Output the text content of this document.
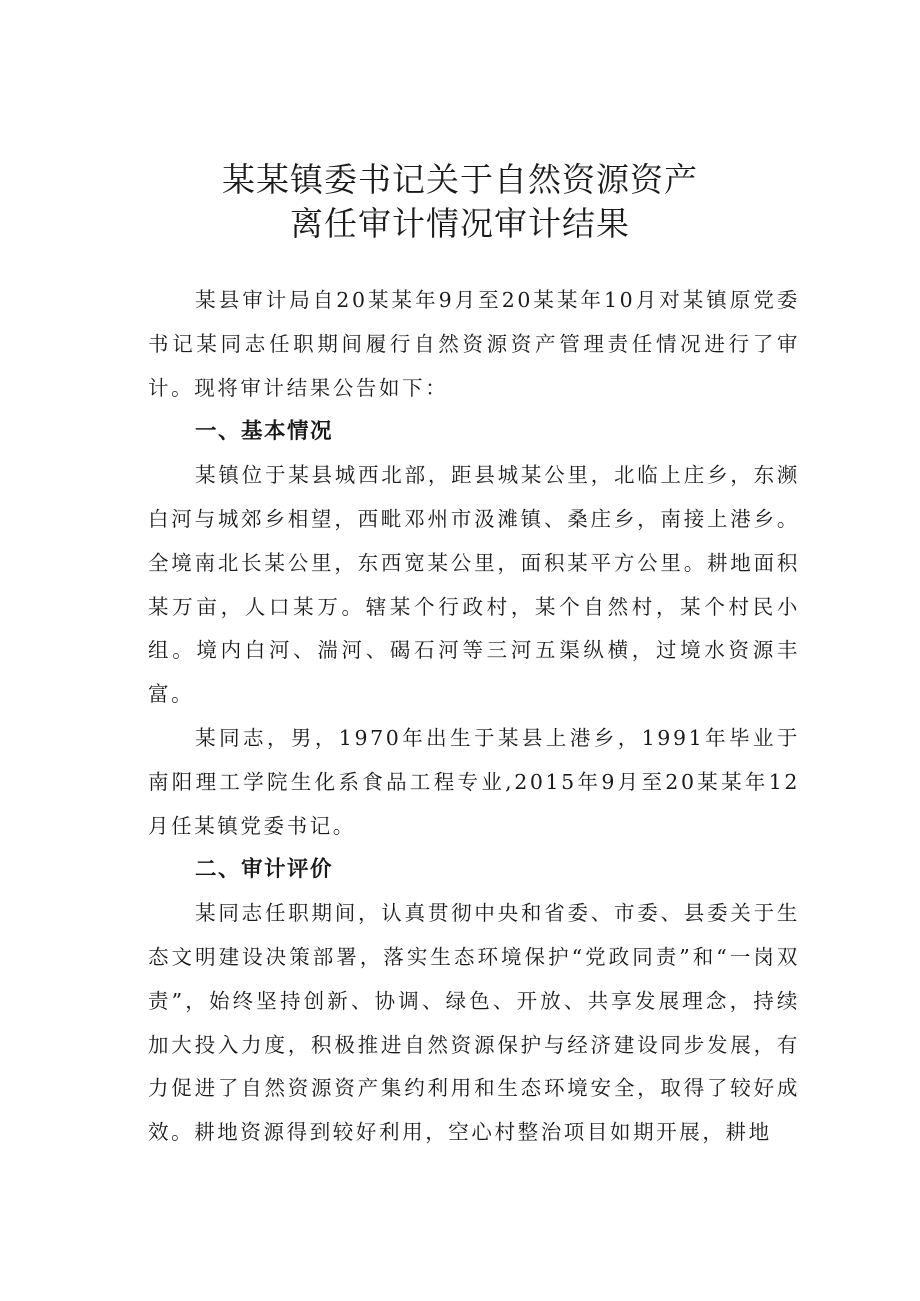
某某镇委书记关于自然资源资产
离任审计情况审计结果

某县审计局自20某某年9月至20某某年10月对某镇原党委书记某同志任职期间履行自然资源资产管理责任情况进行了审计。现将审计结果公告如下：

一、基本情况

某镇位于某县城西北部，距县城某公里，北临上庄乡，东濒白河与城郊乡相望，西毗邓州市汲滩镇、桑庄乡，南接上港乡。全境南北长某公里，东西宽某公里，面积某平方公里。耕地面积某万亩，人口某万。辖某个行政村，某个自然村，某个村民小组。境内白河、湍河、碣石河等三河五渠纵横，过境水资源丰富。

某同志，男，1970年出生于某县上港乡，1991年毕业于南阳理工学院生化系食品工程专业,2015年9月至20某某年12月任某镇党委书记。

二、审计评价

某同志任职期间，认真贯彻中央和省委、市委、县委关于生态文明建设决策部署，落实生态环境保护“党政同责”和“一岗双责”，始终坚持创新、协调、绿色、开放、共享发展理念，持续加大投入力度，积极推进自然资源保护与经济建设同步发展，有力促进了自然资源资产集约利用和生态环境安全，取得了较好成效。耕地资源得到较好利用，空心村整治项目如期开展，耕地
